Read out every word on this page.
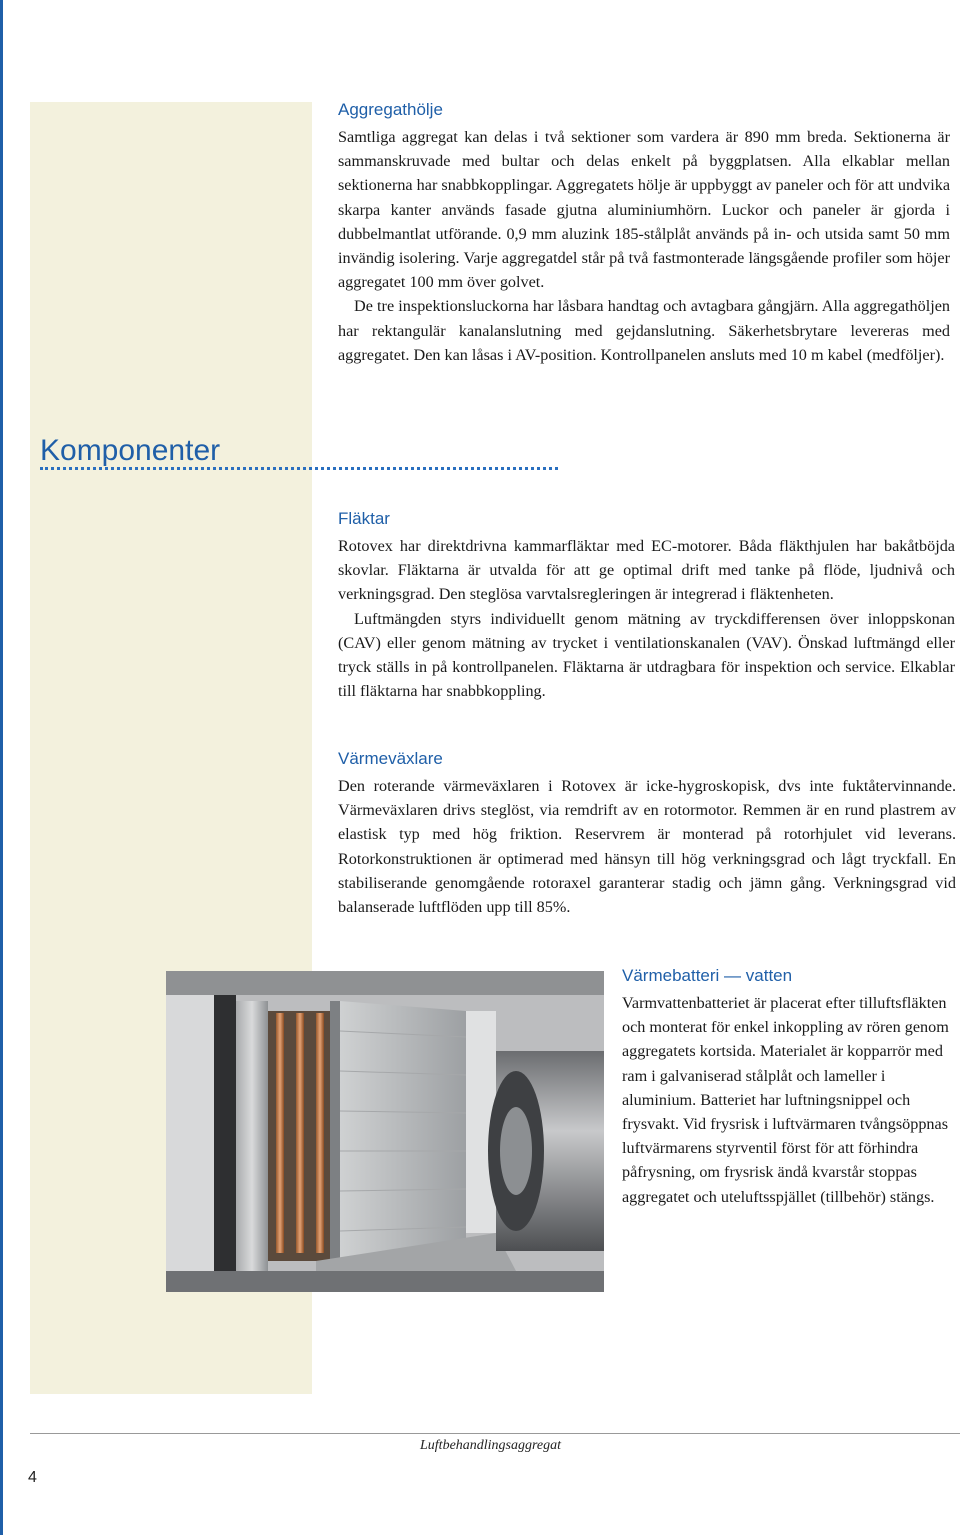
Komponenter
Aggregathölje

Samtliga aggregat kan delas i två sektioner som vardera är 890 mm breda. Sektionerna är sammanskruvade med bultar och delas enkelt på byggplatsen. Alla elkablar mellan sektionerna har snabbkopplingar. Aggregatets hölje är uppbyggt av paneler och för att undvika skarpa kanter används fasade gjutna aluminiumhörn. Luckor och paneler är gjorda i dubbelmantlat utförande. 0,9 mm aluzink 185-stålplåt används på in- och utsida samt 50 mm invändig isolering. Varje aggregatdel står på två fastmonterade längsgående profiler som höjer aggregatet 100 mm över golvet.

De tre inspektionsluckorna har låsbara handtag och avtagbara gångjärn. Alla aggregathöljen har rektangulär kanalanslutning med gejdanslutning. Säkerhetsbrytare levereras med aggregatet. Den kan låsas i AV-position. Kontrollpanelen ansluts med 10 m kabel (medföljer).

Fläktar

Rotovex har direktdrivna kammarfläktar med EC-motorer. Båda fläkthjulen har bakåtböjda skovlar. Fläktarna är utvalda för att ge optimal drift med tanke på flöde, ljudnivå och verkningsgrad. Den steglösa varvtalsregleringen är integrerad i fläktenheten.

Luftmängden styrs individuellt genom mätning av tryckdifferensen över inloppskonan (CAV) eller genom mätning av trycket i ventilationskanalen (VAV). Önskad luftmängd eller tryck ställs in på kontrollpanelen. Fläktarna är utdragbara för inspektion och service. Elkablar till fläktarna har snabbkoppling.

Värmeväxlare

Den roterande värmeväxlaren i Rotovex är icke-hygroskopisk, dvs inte fuktåtervinnande. Värmeväxlaren drivs steglöst, via remdrift av en rotormotor. Remmen är en rund plastrem av elastisk typ med hög friktion. Reservrem är monterad på rotorhjulet vid leverans. Rotorkonstruktionen är optimerad med hänsyn till hög verkningsgrad och lågt tryckfall. En stabiliserande genomgående rotoraxel garanterar stadig och jämn gång. Verkningsgrad vid balanserade luftflöden upp till 85%.

Värmebatteri — vatten

Varmvattenbatteriet är placerat efter tilluftsfläkten och monterat för enkel inkoppling av rören genom aggregatets kortsida. Materialet är kopparrör med ram i galvaniserad stålplåt och lameller i aluminium. Batteriet har luftningsnippel och frysvakt. Vid frysrisk i luftvärmaren tvångsöppnas luftvärmarens styrventil först för att förhindra påfrysning, om frysrisk ändå kvarstår stoppas aggregatet och uteluftsspjället (tillbehör) stängs.

Luftbehandlingsaggregat
4
